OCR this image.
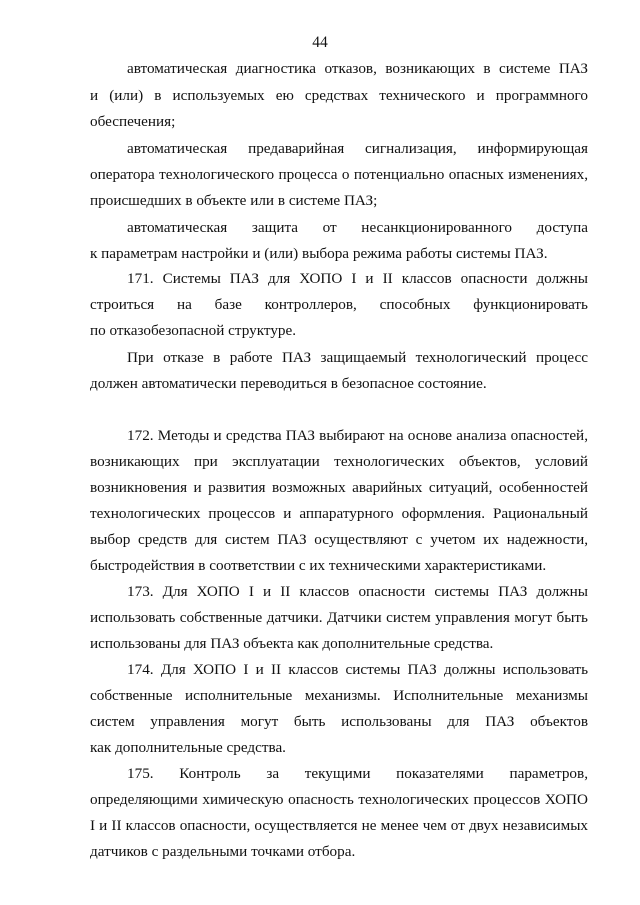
44
автоматическая диагностика отказов, возникающих в системе ПАЗ
и (или) в используемых ею средствах технического и программного
обеспечения;
автоматическая предаварийная сигнализация, информирующая
оператора технологического процесса о потенциально опасных изменениях,
происшедших в объекте или в системе ПАЗ;
автоматическая защита от несанкционированного доступа
к параметрам настройки и (или) выбора режима работы системы ПАЗ.
171. Системы ПАЗ для ХОПО I и II классов опасности должны
строиться на базе контроллеров, способных функционировать
по отказобезопасной структуре.
При отказе в работе ПАЗ защищаемый технологический процесс
должен автоматически переводиться в безопасное состояние.
172. Методы и средства ПАЗ выбирают на основе анализа опасностей,
возникающих при эксплуатации технологических объектов, условий
возникновения и развития возможных аварийных ситуаций, особенностей
технологических процессов и аппаратурного оформления. Рациональный
выбор средств для систем ПАЗ осуществляют с учетом их надежности,
быстродействия в соответствии с их техническими характеристиками.
173. Для ХОПО I и II классов опасности системы ПАЗ должны
использовать собственные датчики. Датчики систем управления могут быть
использованы для ПАЗ объекта как дополнительные средства.
174. Для ХОПО I и II классов системы ПАЗ должны использовать
собственные исполнительные механизмы. Исполнительные механизмы
систем управления могут быть использованы для ПАЗ объектов
как дополнительные средства.
175. Контроль за текущими показателями параметров,
определяющими химическую опасность технологических процессов ХОПО
I и II классов опасности, осуществляется не менее чем от двух независимых
датчиков с раздельными точками отбора.
